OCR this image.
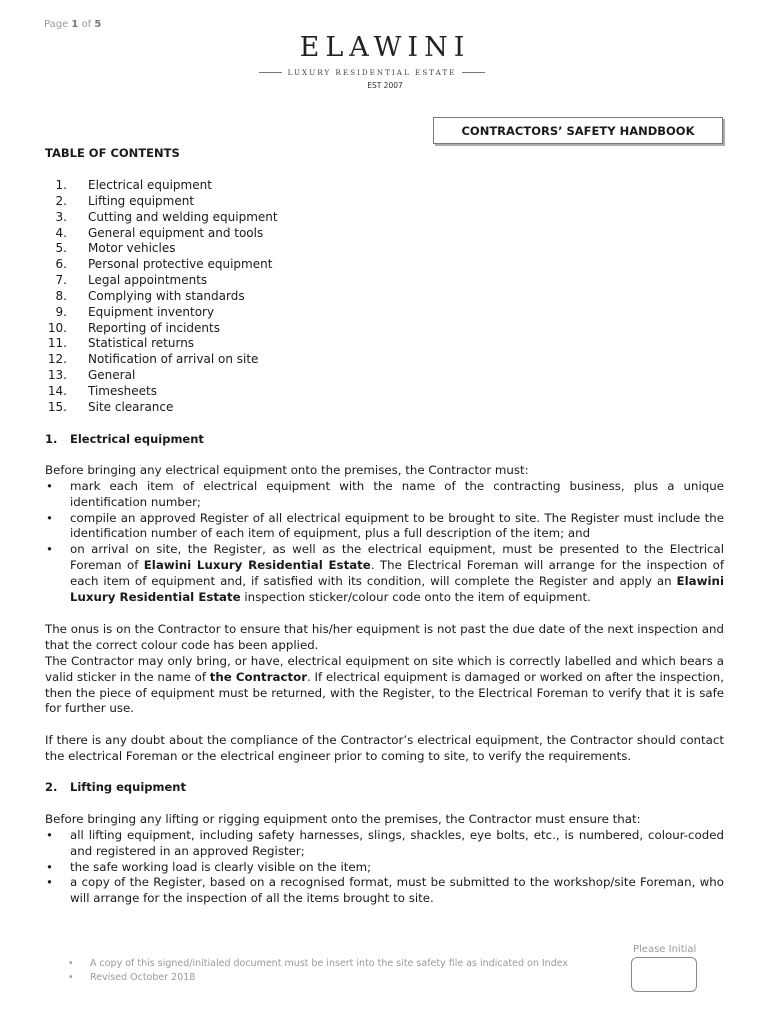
Page 1 of 5
ELAWINI
LUXURY RESIDENTIAL ESTATE
EST 2007
CONTRACTORS’ SAFETY HANDBOOK
TABLE OF CONTENTS
1. Electrical equipment
2. Lifting equipment
3. Cutting and welding equipment
4. General equipment and tools
5. Motor vehicles
6. Personal protective equipment
7. Legal appointments
8. Complying with standards
9. Equipment inventory
10. Reporting of incidents
11. Statistical returns
12. Notification of arrival on site
13. General
14. Timesheets
15. Site clearance
1. Electrical equipment
Before bringing any electrical equipment onto the premises, the Contractor must:
• mark each item of electrical equipment with the name of the contracting business, plus a unique identification number;
• compile an approved Register of all electrical equipment to be brought to site. The Register must include the identification number of each item of equipment, plus a full description of the item; and
• on arrival on site, the Register, as well as the electrical equipment, must be presented to the Electrical Foreman of Elawini Luxury Residential Estate. The Electrical Foreman will arrange for the inspection of each item of equipment and, if satisfied with its condition, will complete the Register and apply an Elawini Luxury Residential Estate inspection sticker/colour code onto the item of equipment.
The onus is on the Contractor to ensure that his/her equipment is not past the due date of the next inspection and that the correct colour code has been applied.
The Contractor may only bring, or have, electrical equipment on site which is correctly labelled and which bears a valid sticker in the name of the Contractor. If electrical equipment is damaged or worked on after the inspection, then the piece of equipment must be returned, with the Register, to the Electrical Foreman to verify that it is safe for further use.
If there is any doubt about the compliance of the Contractor’s electrical equipment, the Contractor should contact the electrical Foreman or the electrical engineer prior to coming to site, to verify the requirements.
2. Lifting equipment
Before bringing any lifting or rigging equipment onto the premises, the Contractor must ensure that:
• all lifting equipment, including safety harnesses, slings, shackles, eye bolts, etc., is numbered, colour-coded and registered in an approved Register;
• the safe working load is clearly visible on the item;
• a copy of the Register, based on a recognised format, must be submitted to the workshop/site Foreman, who will arrange for the inspection of all the items brought to site.
Please Initial
• A copy of this signed/initialed document must be insert into the site safety file as indicated on Index
• Revised October 2018
